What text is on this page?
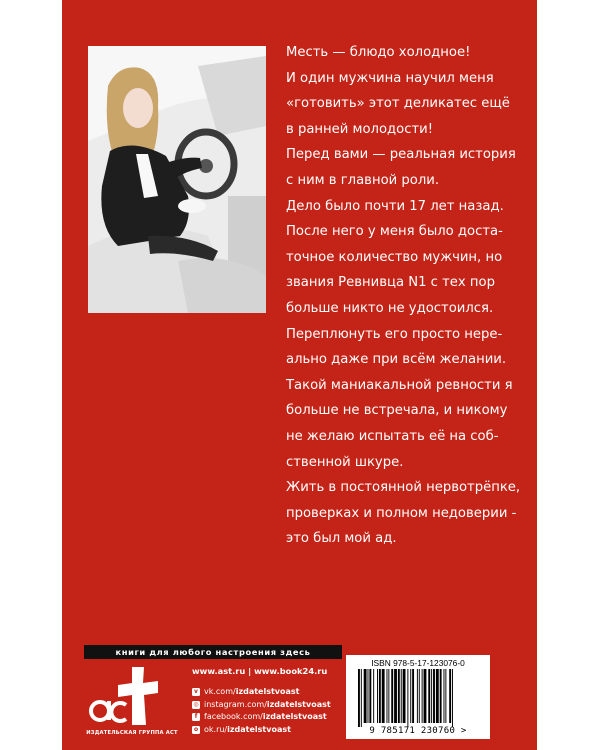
Месть — блюдо холодное!

И один мужчина научил меня

«готовить» этот деликатес ещё

в ранней молодости!

Перед вами — реальная история

с ним в главной роли.

Дело было почти 17 лет назад.

После него у меня было доста-

точное количество мужчин, но

звания Ревнивца N1 с тех пор

больше никто не удостоился.

Переплюнуть его просто нере-

ально даже при всём желании.

Такой маниакальной ревности я

больше не встречала, и никому

не желаю испытать её на соб-

ственной шкуре.

Жить в постоянной нервотрёпке,

проверках и полном недоверии -

это был мой ад.

книги для любого настроения здесь
ИЗДАТЕЛЬСКАЯ ГРУППА АСТ
www.ast.ru | www.book24.ru
v vk.com/ izdatelstvoast
◎ instagram.com/ izdatelstvoast
f facebook.com/ izdatelstvoast
o ok.ru/ izdatelstvoast
ISBN 978-5-17-123076-0
9 785171 230760 >
